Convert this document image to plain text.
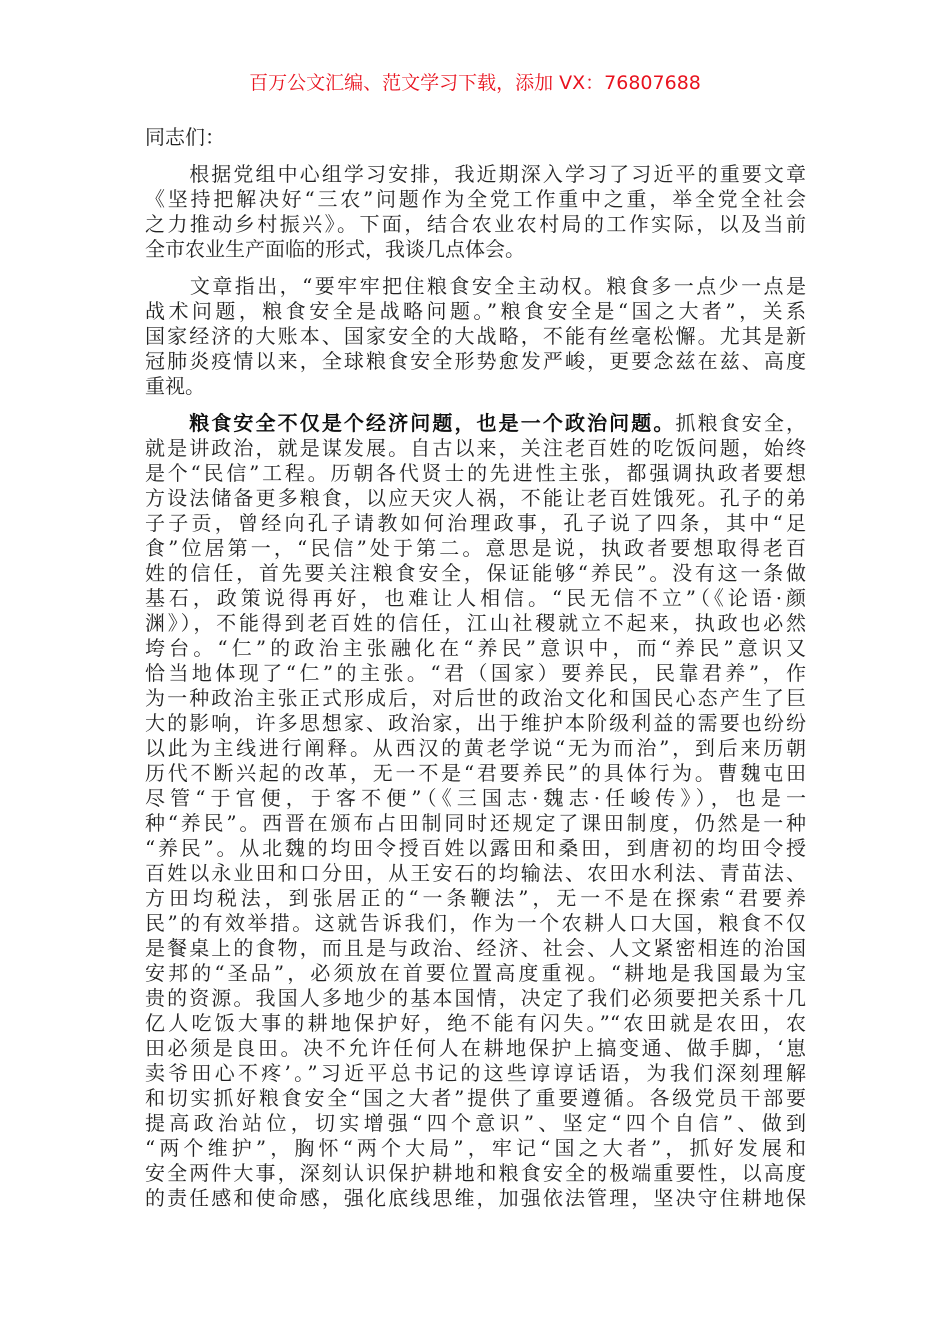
百万公文汇编、范文学习下载，添加 VX：76807688
同志们：
　　根据党组中心组学习安排，我近期深入学习了习近平的重要文章
《坚持把解决好“三农”问题作为全党工作重中之重，举全党全社会
之力推动乡村振兴》。下面，结合农业农村局的工作实际，以及当前
全市农业生产面临的形式，我谈几点体会。
　　文章指出，“要牢牢把住粮食安全主动权。粮食多一点少一点是
战术问题，粮食安全是战略问题。”粮食安全是“国之大者”，关系
国家经济的大账本、国家安全的大战略，不能有丝毫松懈。尤其是新
冠肺炎疫情以来，全球粮食安全形势愈发严峻，更要念兹在兹、高度
重视。
　　粮食安全不仅是个经济问题，也是一个政治问题。抓粮食安全，
就是讲政治，就是谋发展。自古以来，关注老百姓的吃饭问题，始终
是个“民信”工程。历朝各代贤士的先进性主张，都强调执政者要想
方设法储备更多粮食，以应天灾人祸，不能让老百姓饿死。孔子的弟
子子贡，曾经向孔子请教如何治理政事，孔子说了四条，其中“足
食”位居第一，“民信”处于第二。意思是说，执政者要想取得老百
姓的信任，首先要关注粮食安全，保证能够“养民”。没有这一条做
基石，政策说得再好，也难让人相信。“民无信不立”（《论语·颜
渊》），不能得到老百姓的信任，江山社稷就立不起来，执政也必然
垮台。“仁”的政治主张融化在“养民”意识中，而“养民”意识又
恰当地体现了“仁”的主张。“君（国家）要养民，民靠君养”，作
为一种政治主张正式形成后，对后世的政治文化和国民心态产生了巨
大的影响，许多思想家、政治家，出于维护本阶级利益的需要也纷纷
以此为主线进行阐释。从西汉的黄老学说“无为而治”，到后来历朝
历代不断兴起的改革，无一不是“君要养民”的具体行为。曹魏屯田
尽管“于官便，于客不便”（《三国志·魏志·任峻传》），也是一
种“养民”。西晋在颁布占田制同时还规定了课田制度，仍然是一种
“养民”。从北魏的均田令授百姓以露田和桑田，到唐初的均田令授
百姓以永业田和口分田，从王安石的均输法、农田水利法、青苗法、
方田均税法，到张居正的“一条鞭法”，无一不是在探索“君要养
民”的有效举措。这就告诉我们，作为一个农耕人口大国，粮食不仅
是餐桌上的食物，而且是与政治、经济、社会、人文紧密相连的治国
安邦的“圣品”，必须放在首要位置高度重视。“耕地是我国最为宝
贵的资源。我国人多地少的基本国情，决定了我们必须要把关系十几
亿人吃饭大事的耕地保护好，绝不能有闪失。”“农田就是农田，农
田必须是良田。决不允许任何人在耕地保护上搞变通、做手脚，‘崽
卖爷田心不疼’。”习近平总书记的这些谆谆话语，为我们深刻理解
和切实抓好粮食安全“国之大者”提供了重要遵循。各级党员干部要
提高政治站位，切实增强“四个意识”、坚定“四个自信”、做到
“两个维护”，胸怀“两个大局”，牢记“国之大者”，抓好发展和
安全两件大事，深刻认识保护耕地和粮食安全的极端重要性，以高度
的责任感和使命感，强化底线思维，加强依法管理，坚决守住耕地保
